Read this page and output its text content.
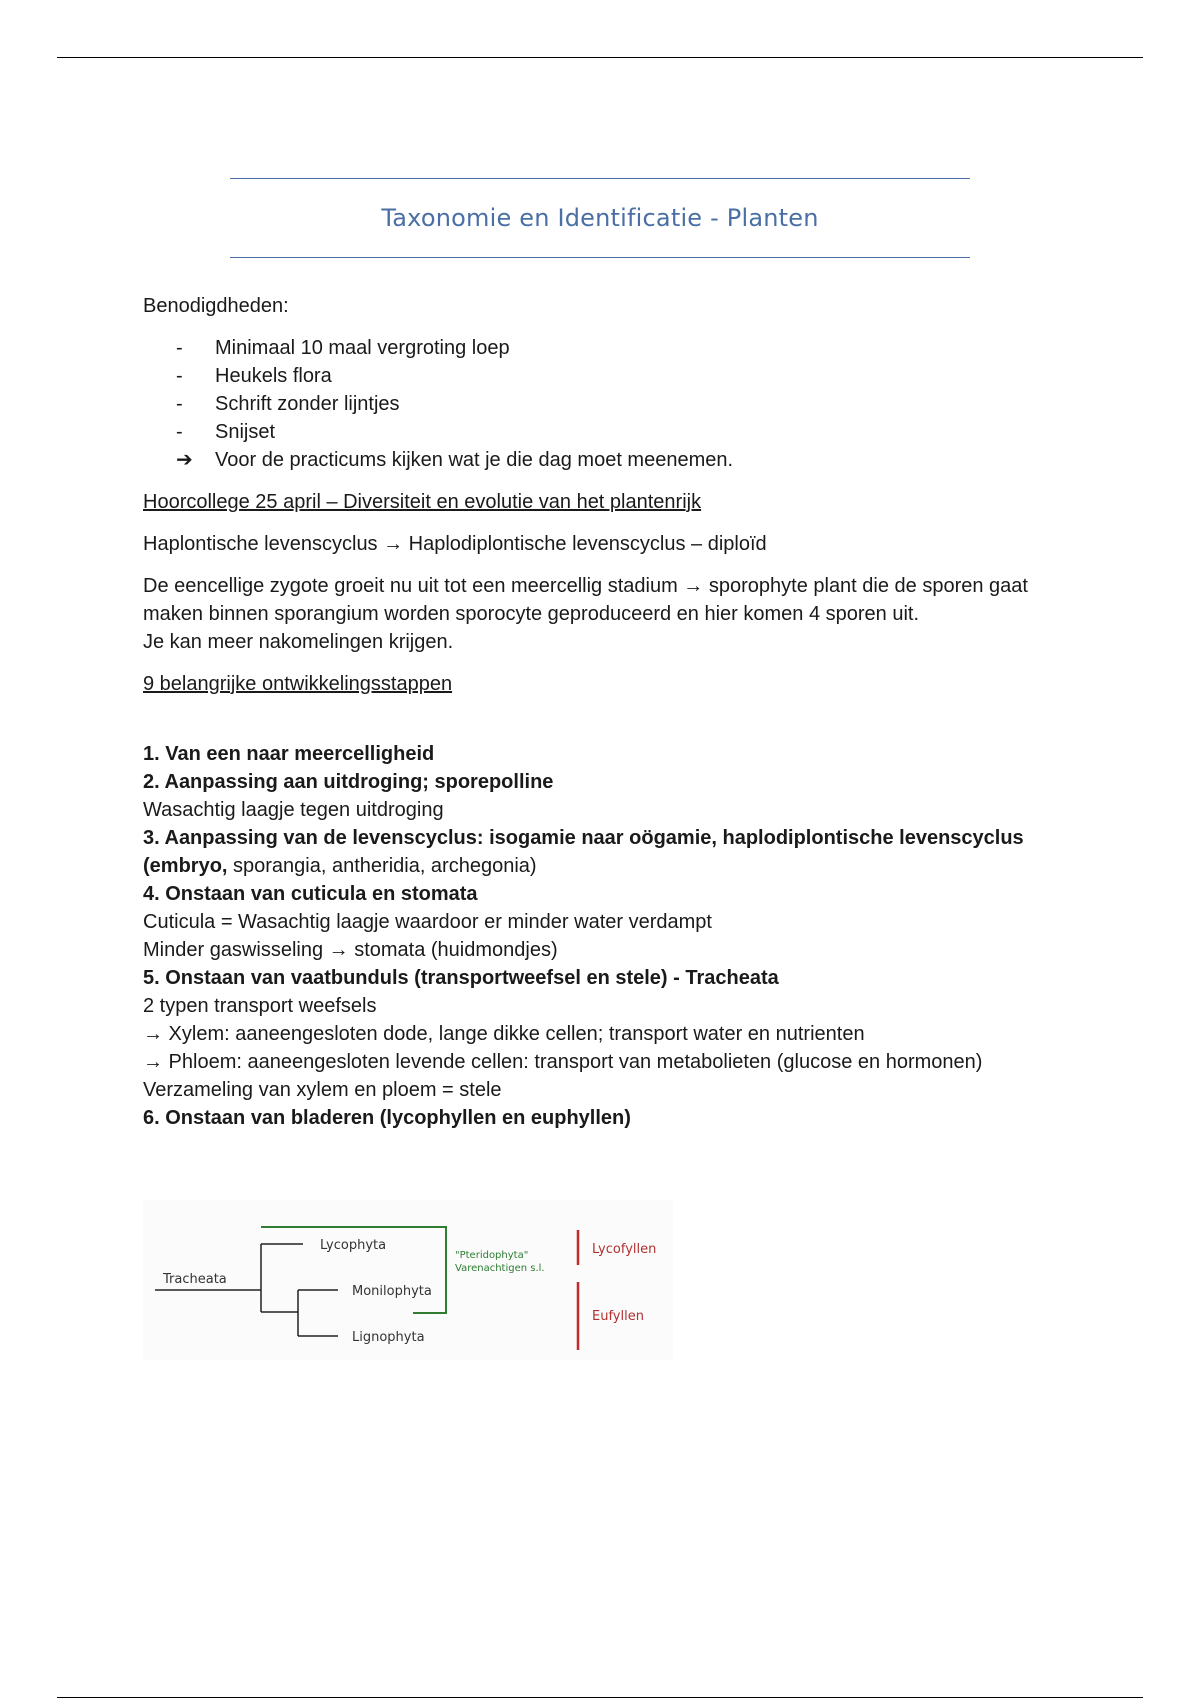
Taxonomie en Identificatie - Planten

Benodigdheden:

-	Minimaal 10 maal vergroting loep
-	Heukels flora
-	Schrift zonder lijntjes
-	Snijset
➔	Voor de practicums kijken wat je die dag moet meenemen.

Hoorcollege 25 april – Diversiteit en evolutie van het plantenrijk

Haplontische levenscyclus → Haplodiplontische levenscyclus – diploïd

De eencellige zygote groeit nu uit tot een meercellig stadium → sporophyte plant die de sporen gaat maken binnen sporangium worden sporocyte geproduceerd en hier komen 4 sporen uit.

Je kan meer nakomelingen krijgen.

9 belangrijke ontwikkelingsstappen

1. Van een naar meercelligheid

2. Aanpassing aan uitdroging; sporepolline

Wasachtig laagje tegen uitdroging

3. Aanpassing van de levenscyclus: isogamie naar oögamie, haplodiplontische levenscyclus (embryo, sporangia, antheridia, archegonia)

4. Onstaan van cuticula en stomata

Cuticula = Wasachtig laagje waardoor er minder water verdampt

Minder gaswisseling → stomata (huidmondjes)

5. Onstaan van vaatbunduls (transportweefsel en stele) - Tracheata

2 typen transport weefsels

→ Xylem: aaneengesloten dode, lange dikke cellen; transport water en nutrienten

→ Phloem: aaneengesloten levende cellen: transport van metabolieten (glucose en hormonen)

Verzameling van xylem en ploem = stele

6. Onstaan van bladeren (lycophyllen en euphyllen)

Tracheata
Lycophyta
Monilophyta
Lignophyta
"Pteridophyta"
Varenachtigen s.l.
Lycofyllen
Eufyllen
